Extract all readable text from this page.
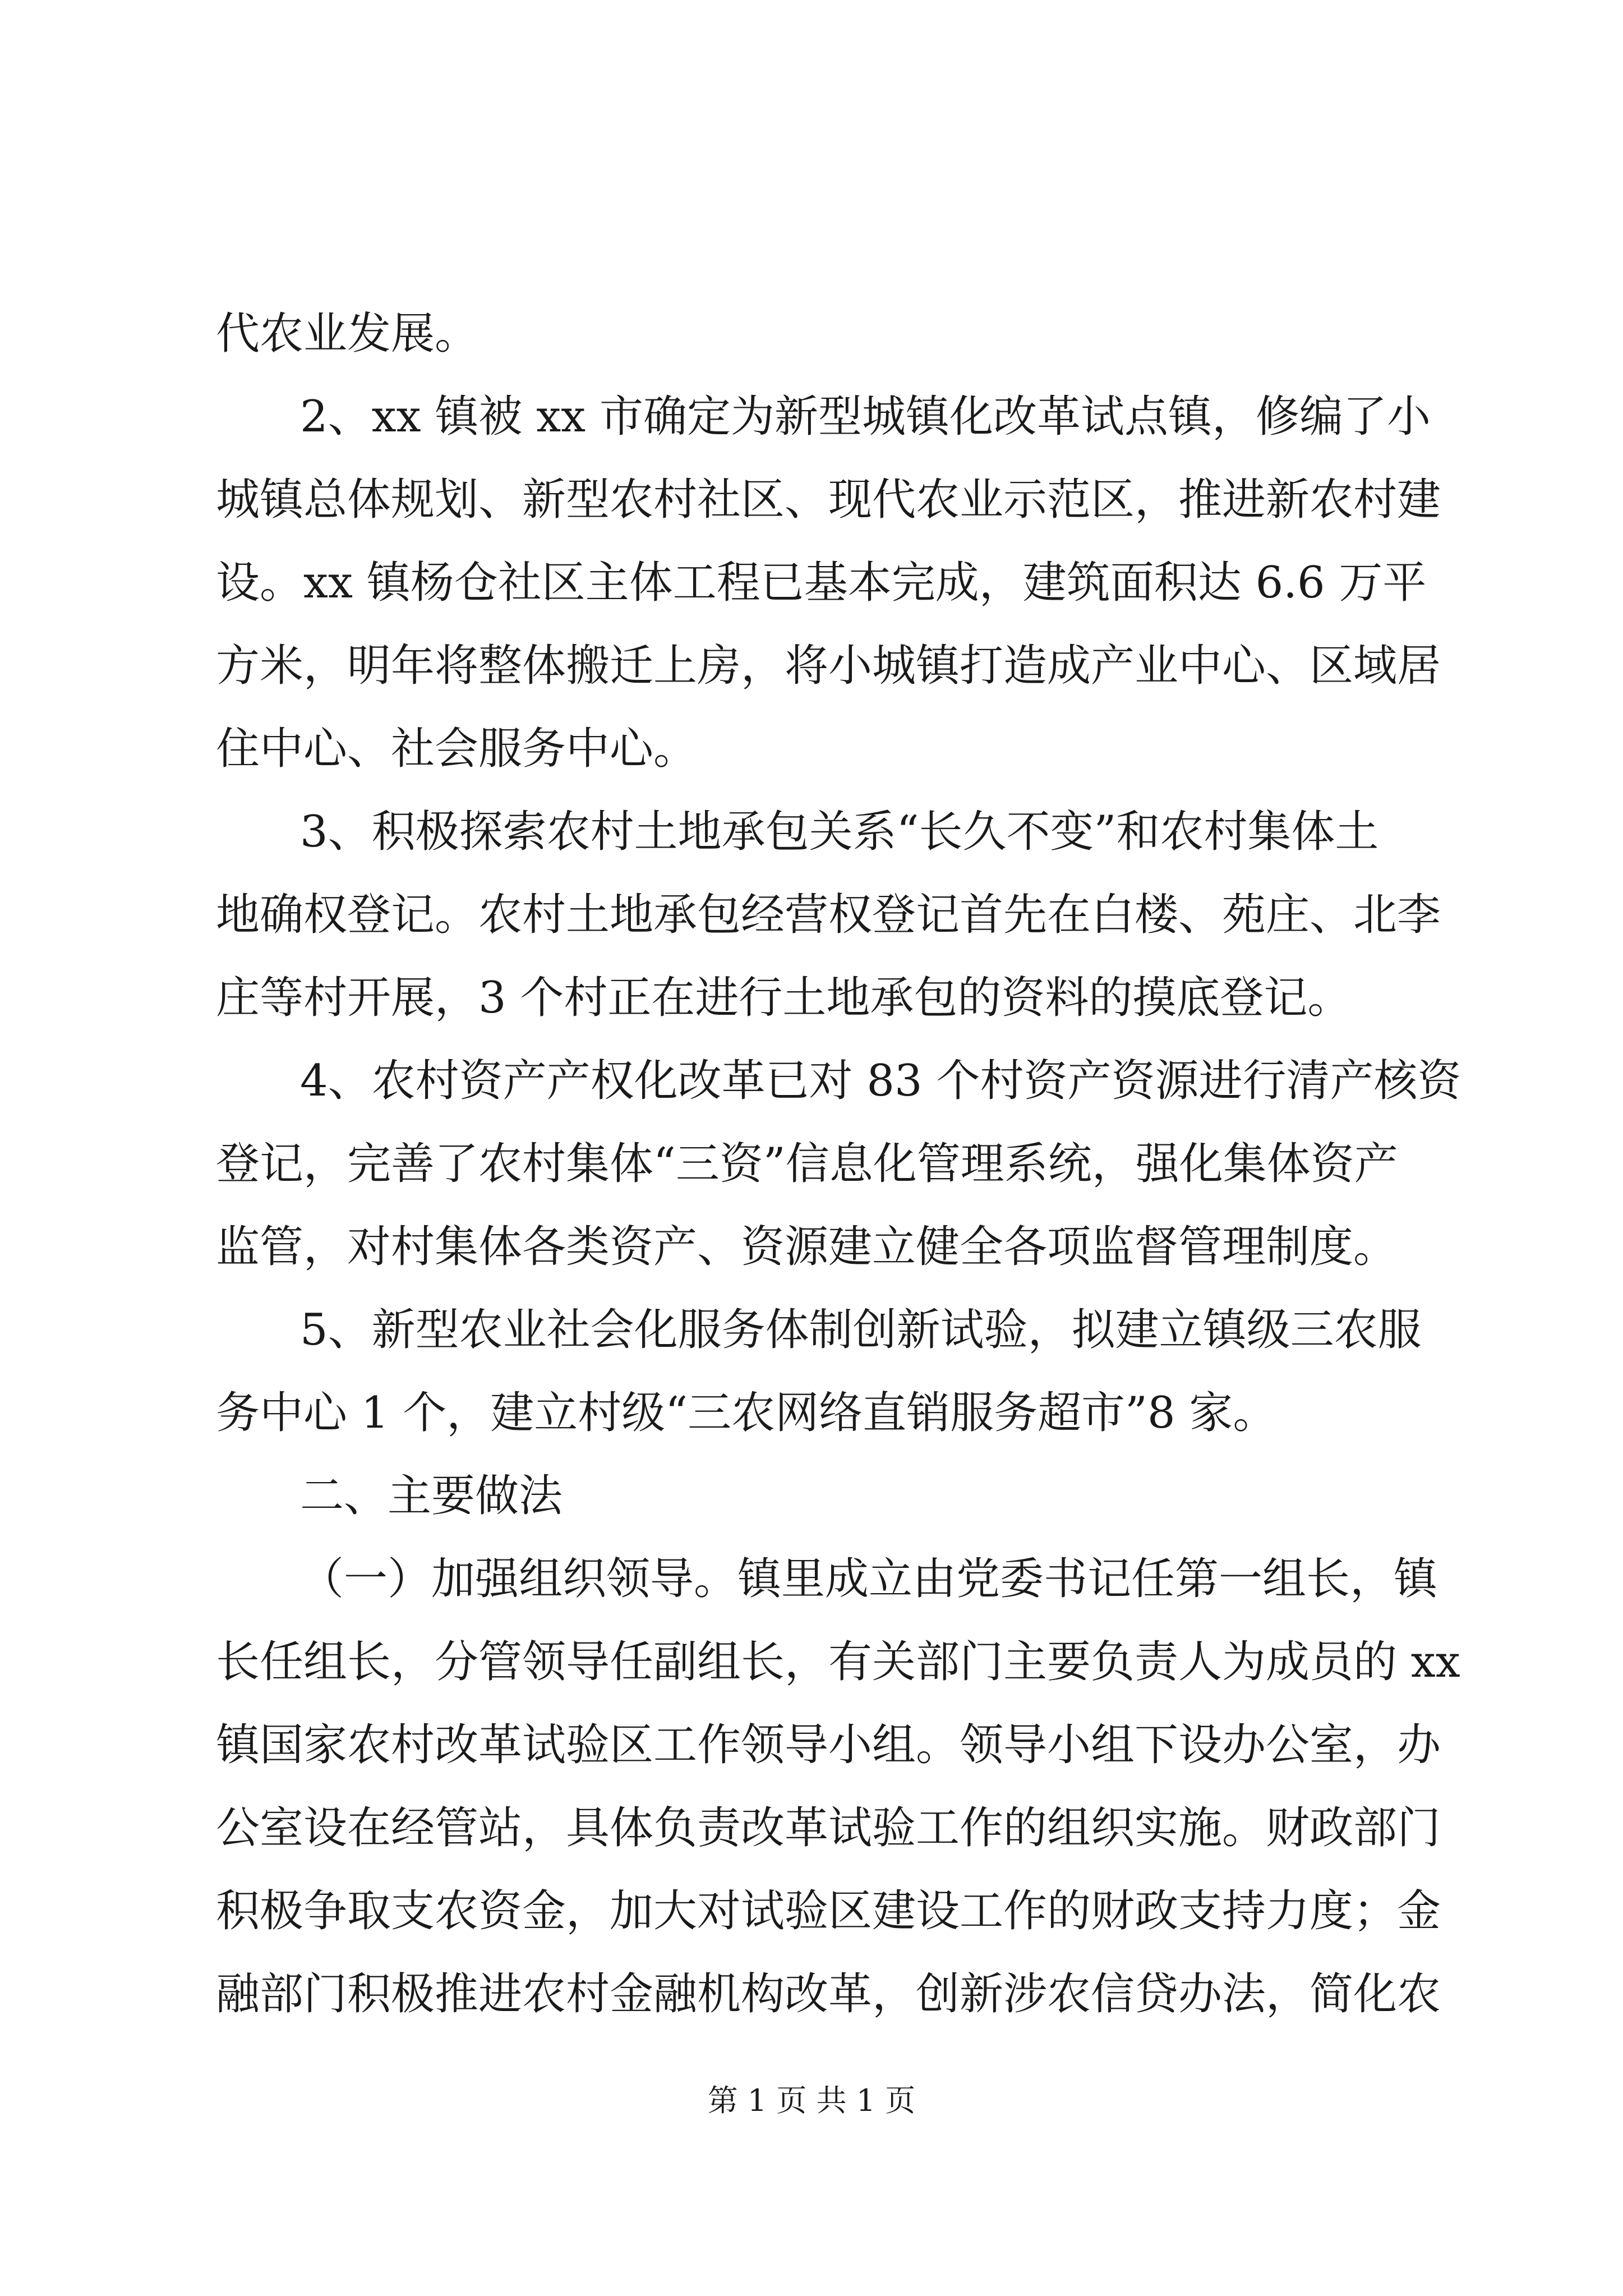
代农业发展。
2、xx 镇被 xx 市确定为新型城镇化改革试点镇，修编了小
城镇总体规划、新型农村社区、现代农业示范区，推进新农村建
设。xx 镇杨仓社区主体工程已基本完成，建筑面积达 6.6 万平
方米，明年将整体搬迁上房，将小城镇打造成产业中心、区域居
住中心、社会服务中心。
3、积极探索农村土地承包关系“长久不变”和农村集体土
地确权登记。农村土地承包经营权登记首先在白楼、苑庄、北李
庄等村开展，3 个村正在进行土地承包的资料的摸底登记。
4、农村资产产权化改革已对 83 个村资产资源进行清产核资
登记，完善了农村集体“三资”信息化管理系统，强化集体资产
监管，对村集体各类资产、资源建立健全各项监督管理制度。
5、新型农业社会化服务体制创新试验，拟建立镇级三农服
务中心 1 个，建立村级“三农网络直销服务超市”8 家。
二、主要做法
（一）加强组织领导。镇里成立由党委书记任第一组长，镇
长任组长，分管领导任副组长，有关部门主要负责人为成员的 xx
镇国家农村改革试验区工作领导小组。领导小组下设办公室，办
公室设在经管站，具体负责改革试验工作的组织实施。财政部门
积极争取支农资金，加大对试验区建设工作的财政支持力度；金
融部门积极推进农村金融机构改革，创新涉农信贷办法，简化农
第 1 页 共 1 页
